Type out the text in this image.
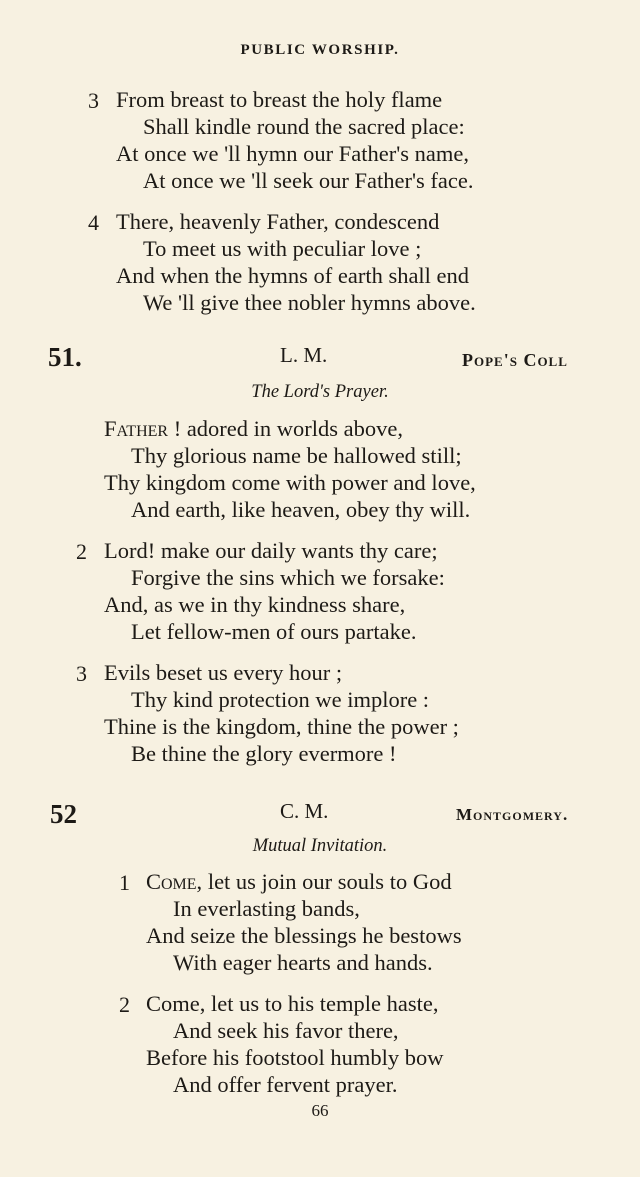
PUBLIC WORSHIP.
3 From breast to breast the holy flame
Shall kindle round the sacred place:
At once we 'll hymn our Father's name,
At once we 'll seek our Father's face.
4 There, heavenly Father, condescend
To meet us with peculiar love ;
And when the hymns of earth shall end
We 'll give thee nobler hymns above.
51.	L. M.	Pope's Coll
The Lord's Prayer.
Father ! adored in worlds above,
Thy glorious name be hallowed still;
Thy kingdom come with power and love,
And earth, like heaven, obey thy will.
2 Lord! make our daily wants thy care;
Forgive the sins which we forsake:
And, as we in thy kindness share,
Let fellow-men of ours partake.
3 Evils beset us every hour ;
Thy kind protection we implore :
Thine is the kingdom, thine the power ;
Be thine the glory evermore !
52	C. M.	Montgomery.
Mutual Invitation.
1 Come, let us join our souls to God
In everlasting bands,
And seize the blessings he bestows
With eager hearts and hands.
2 Come, let us to his temple haste,
And seek his favor there,
Before his footstool humbly bow
And offer fervent prayer.
66
